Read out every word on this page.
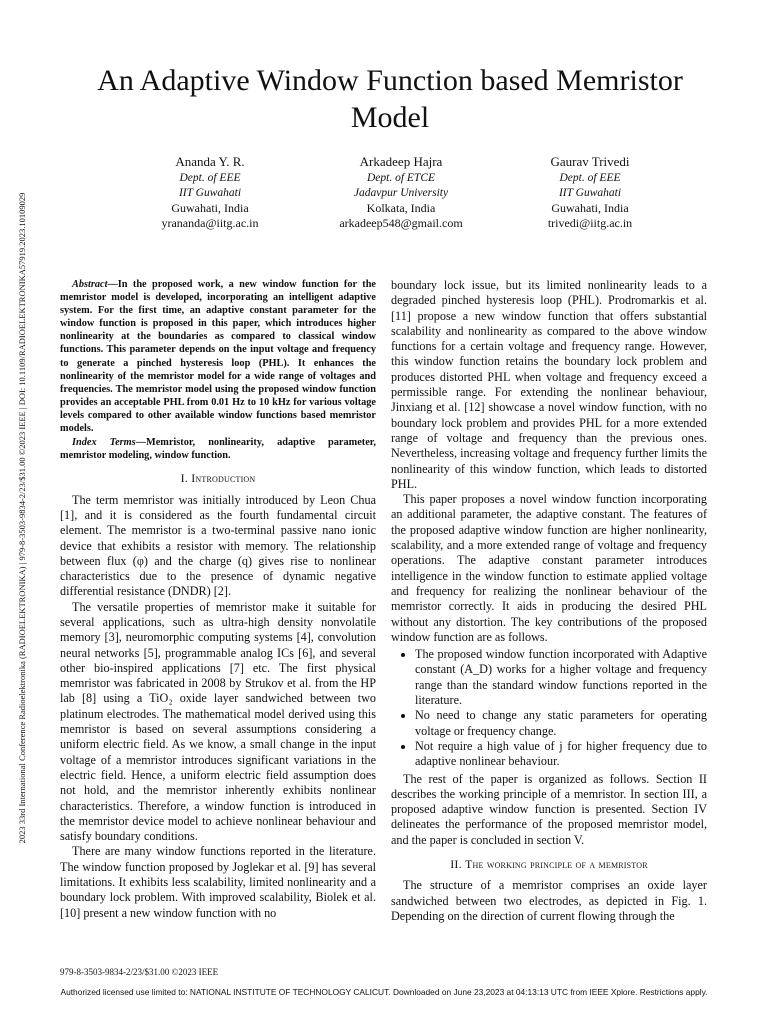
2023 33rd International Conference Radioelektronika (RADIOELEKTRONIKA) | 979-8-3503-9834-2/23/$31.00 ©2023 IEEE | DOI: 10.1109/RADIOELEKTRONIKA57919.2023.10109029
An Adaptive Window Function based Memristor Model
Ananda Y. R.
Dept. of EEE
IIT Guwahati
Guwahati, India
yrananda@iitg.ac.in
Arkadeep Hajra
Dept. of ETCE
Jadavpur University
Kolkata, India
arkadeep548@gmail.com
Gaurav Trivedi
Dept. of EEE
IIT Guwahati
Guwahati, India
trivedi@iitg.ac.in

Abstract—In the proposed work, a new window function for the memristor model is developed, incorporating an intelligent adaptive system. For the first time, an adaptive constant parameter for the window function is proposed in this paper, which introduces higher nonlinearity at the boundaries as compared to classical window functions. This parameter depends on the input voltage and frequency to generate a pinched hysteresis loop (PHL). It enhances the nonlinearity of the memristor model for a wide range of voltages and frequencies. The memristor model using the proposed window function provides an acceptable PHL from 0.01 Hz to 10 kHz for various voltage levels compared to other available window functions based memristor models.

Index Terms—Memristor, nonlinearity, adaptive parameter, memristor modeling, window function.

I. Introduction

The term memristor was initially introduced by Leon Chua [1], and it is considered as the fourth fundamental circuit element. The memristor is a two-terminal passive nano ionic device that exhibits a resistor with memory. The relationship between flux (φ) and the charge (q) gives rise to nonlinear characteristics due to the presence of dynamic negative differential resistance (DNDR) [2].

The versatile properties of memristor make it suitable for several applications, such as ultra-high density nonvolatile memory [3], neuromorphic computing systems [4], convolution neural networks [5], programmable analog ICs [6], and several other bio-inspired applications [7] etc. The first physical memristor was fabricated in 2008 by Strukov et al. from the HP lab [8] using a TiO₂ oxide layer sandwiched between two platinum electrodes. The mathematical model derived using this memristor is based on several assumptions considering a uniform electric field. As we know, a small change in the input voltage of a memristor introduces significant variations in the electric field. Hence, a uniform electric field assumption does not hold, and the memristor inherently exhibits nonlinear characteristics. Therefore, a window function is introduced in the memristor device model to achieve nonlinear behaviour and satisfy boundary conditions.

There are many window functions reported in the literature. The window function proposed by Joglekar et al. [9] has several limitations. It exhibits less scalability, limited nonlinearity and a boundary lock problem. With improved scalability, Biolek et al. [10] present a new window function with no

boundary lock issue, but its limited nonlinearity leads to a degraded pinched hysteresis loop (PHL). Prodromarkis et al. [11] propose a new window function that offers substantial scalability and nonlinearity as compared to the above window functions for a certain voltage and frequency range. However, this window function retains the boundary lock problem and produces distorted PHL when voltage and frequency exceed a permissible range. For extending the nonlinear behaviour, Jinxiang et al. [12] showcase a novel window function, with no boundary lock problem and provides PHL for a more extended range of voltage and frequency than the previous ones. Nevertheless, increasing voltage and frequency further limits the nonlinearity of this window function, which leads to distorted PHL.

This paper proposes a novel window function incorporating an additional parameter, the adaptive constant. The features of the proposed adaptive window function are higher nonlinearity, scalability, and a more extended range of voltage and frequency operations. The adaptive constant parameter introduces intelligence in the window function to estimate applied voltage and frequency for realizing the nonlinear behaviour of the memristor correctly. It aids in producing the desired PHL without any distortion. The key contributions of the proposed window function are as follows.

• The proposed window function incorporated with Adaptive constant (A_D) works for a higher voltage and frequency range than the standard window functions reported in the literature.
• No need to change any static parameters for operating voltage or frequency change.
• Not require a high value of j for higher frequency due to adaptive nonlinear behaviour.

The rest of the paper is organized as follows. Section II describes the working principle of a memristor. In section III, a proposed adaptive window function is presented. Section IV delineates the performance of the proposed memristor model, and the paper is concluded in section V.

II. The working principle of a memristor

The structure of a memristor comprises an oxide layer sandwiched between two electrodes, as depicted in Fig. 1. Depending on the direction of current flowing through the

979-8-3503-9834-2/23/$31.00 ©2023 IEEE
Authorized licensed use limited to: NATIONAL INSTITUTE OF TECHNOLOGY CALICUT. Downloaded on June 23,2023 at 04:13:13 UTC from IEEE Xplore. Restrictions apply.
